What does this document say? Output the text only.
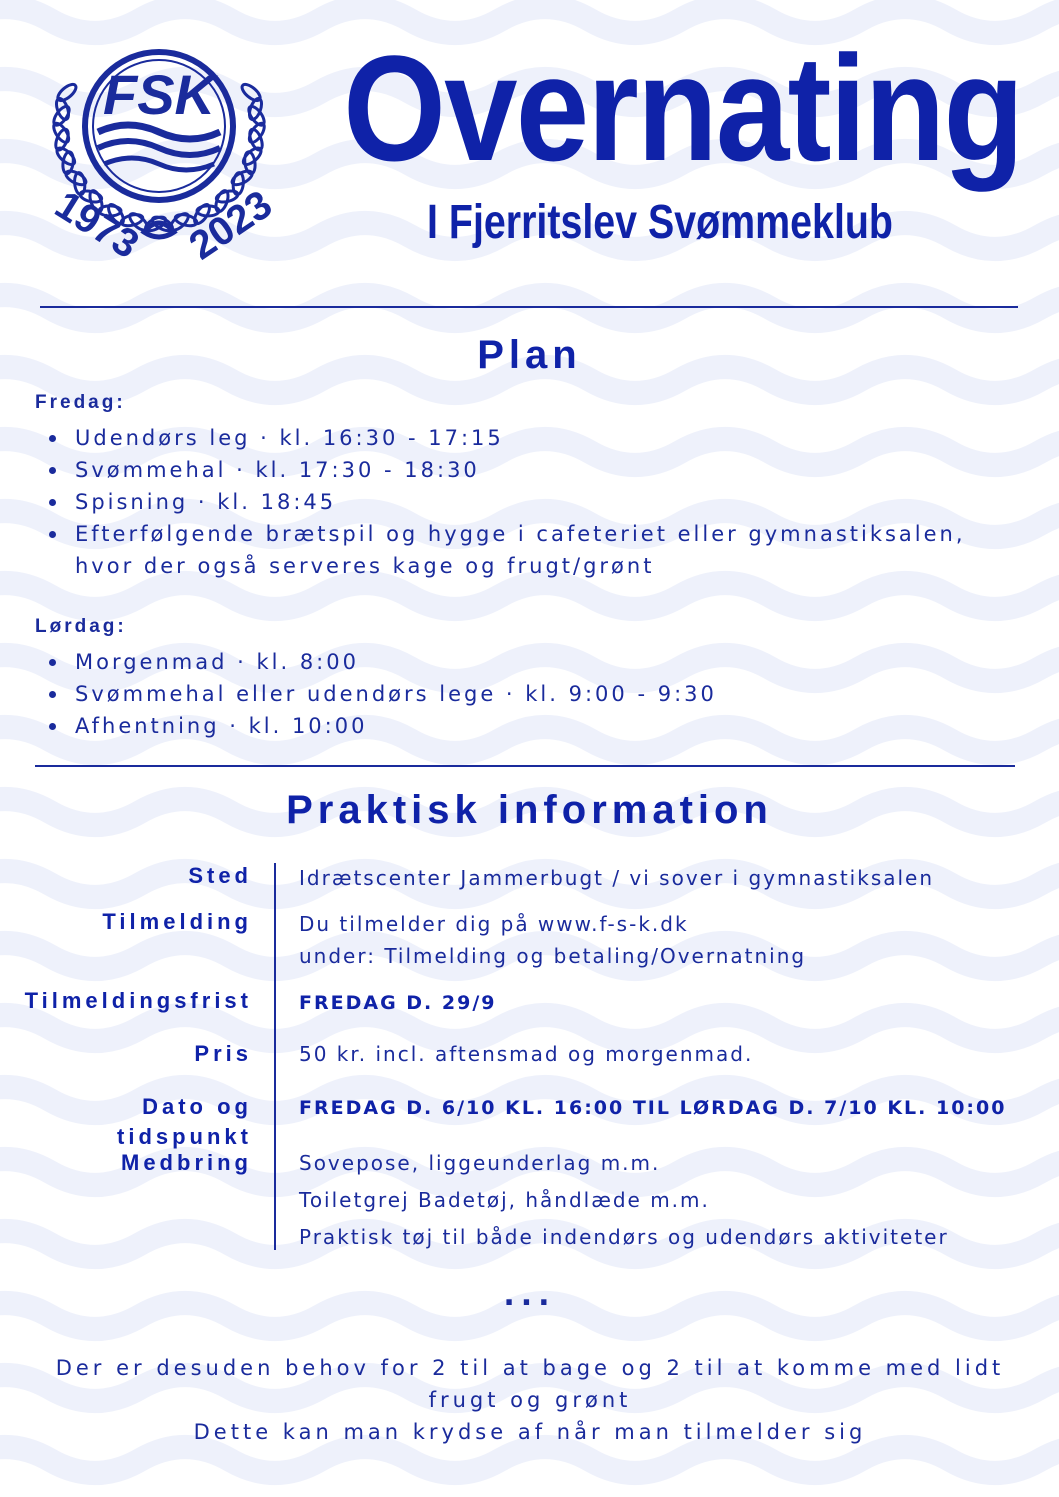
FSK
1973 2023
Overnating
I Fjerritslev Svømmeklub
Plan

Fredag:

Udendørs leg · kl. 16:30 - 17:15
Svømmehal · kl. 17:30 - 18:30
Spisning · kl. 18:45
Efterfølgende brætspil og hygge i cafeteriet eller gymnastiksalen, hvor der også serveres kage og frugt/grønt

Lørdag:

Morgenmad · kl. 8:00
Svømmehal eller udendørs lege · kl. 9:00 - 9:30
Afhentning · kl. 10:00
Praktisk information

Sted Idrætscenter Jammerbugt / vi sover i gymnastiksalen

Tilmelding Du tilmelder dig på www.f-s-k.dk

under: Tilmelding og betaling/Overnatning

Tilmeldingsfrist FREDAG D. 29/9

Pris 50 kr. incl. aftensmad og morgenmad.

Dato og tidspunkt

FREDAG D. 6/10 KL. 16:00 TIL LØRDAG D. 7/10 KL. 10:00

Medbring Sovepose, liggeunderlag m.m.

Toiletgrej Badetøj, håndlæde m.m.

Praktisk tøj til både indendørs og udendørs aktiviteter

...

Der er desuden behov for 2 til at bage og 2 til at komme med lidt frugt og grønt

Dette kan man krydse af når man tilmelder sig
